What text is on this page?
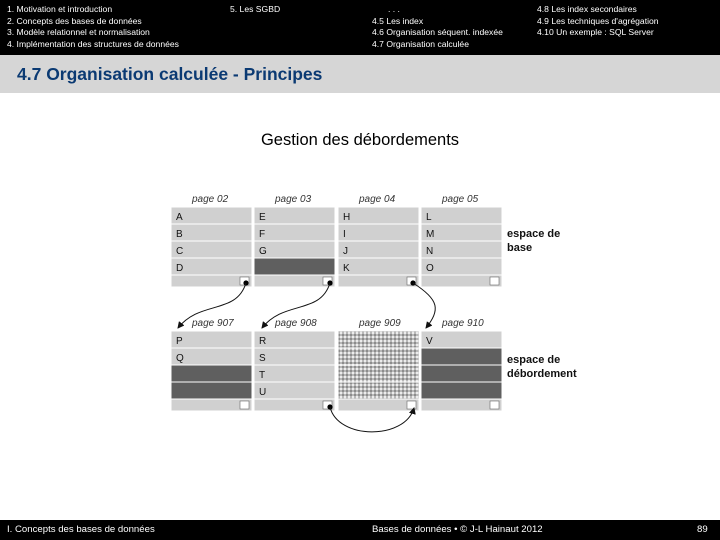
1. Motivation et introduction
2. Concepts des bases de données
3. Modèle relationnel et normalisation
4. Implémentation des structures de données
5. Les SGBD	. . .
4.5 Les index
4.6 Organisation séquent. indexée
4.7 Organisation calculée
4.8 Les index secondaires
4.9 Les techniques d'agrégation
4.10 Un exemple : SQL Server
4.7 Organisation calculée - Principes
Gestion des débordements
page 02
A
B
C
D
page 03
E
F
G
page 04
H
I
J
K
page 05
L
M
N
O
page 907
P
Q
page 908
R
S
T
U
page 909	page 910
V
espace de
base
espace de
débordement
I. Concepts des bases de données	Bases de données • © J-L Hainaut 2012	89
